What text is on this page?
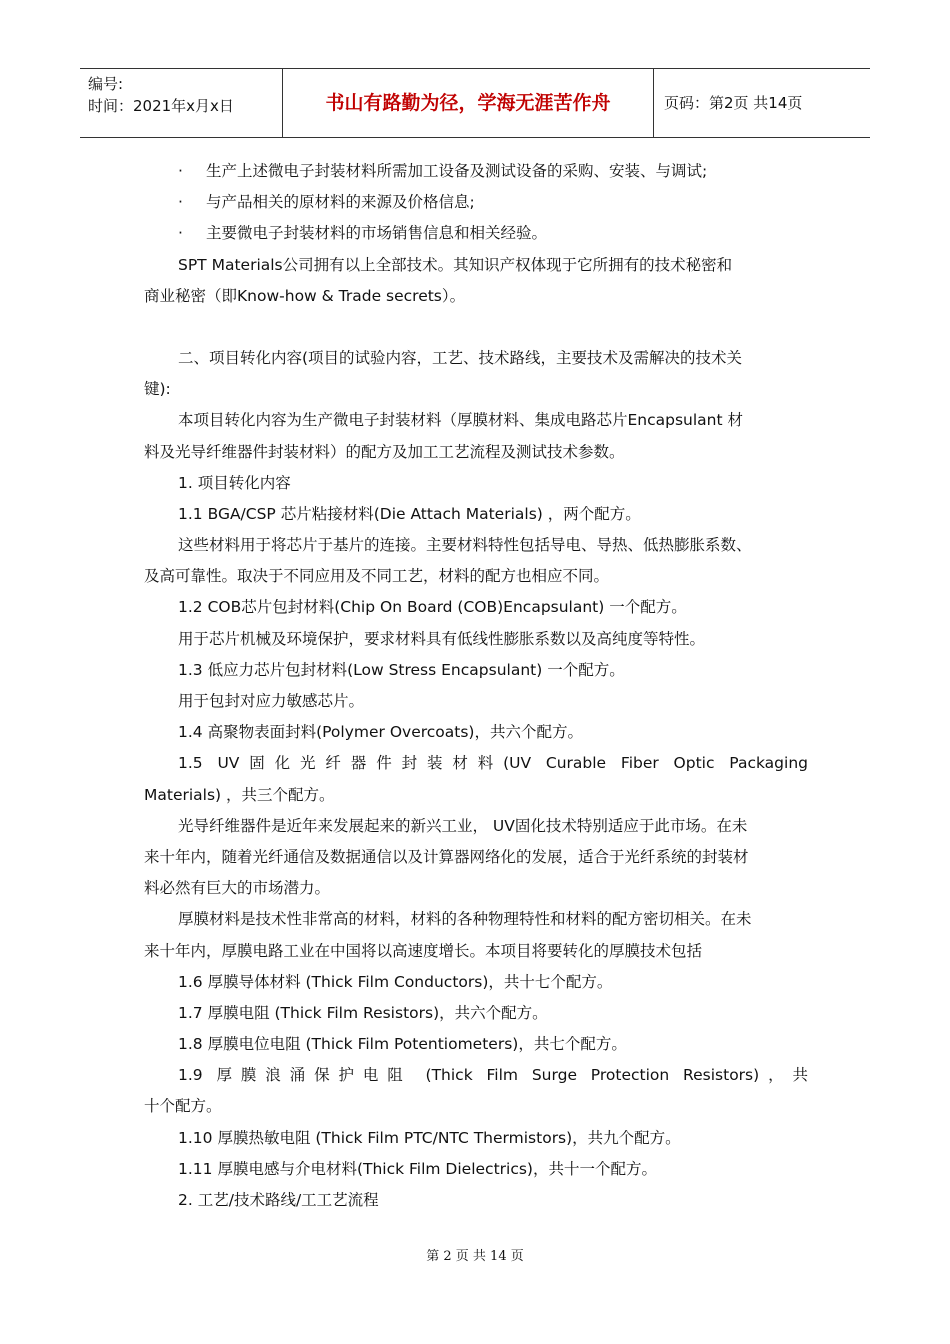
编号:
时间：2021年x月x日	书山有路勤为径，学海无涯苦作舟	页码：第2页 共14页
· 生产上述微电子封装材料所需加工设备及测试设备的采购、安装、与调试;
· 与产品相关的原材料的来源及价格信息;
· 主要微电子封装材料的市场销售信息和相关经验。
SPT Materials公司拥有以上全部技术。其知识产权体现于它所拥有的技术秘密和
商业秘密（即Know-how & Trade secrets）。
二、项目转化内容(项目的试验内容，工艺、技术路线，主要技术及需解决的技术关
键):
本项目转化内容为生产微电子封装材料（厚膜材料、集成电路芯片Encapsulant 材
料及光导纤维器件封装材料）的配方及加工工艺流程及测试技术参数。
1. 项目转化内容
1.1 BGA/CSP 芯片粘接材料(Die Attach Materials) ，两个配方。
这些材料用于将芯片于基片的连接。主要材料特性包括导电、导热、低热膨胀系数、
及高可靠性。取决于不同应用及不同工艺，材料的配方也相应不同。
1.2 COB芯片包封材料(Chip On Board (COB)Encapsulant) 一个配方。
用于芯片机械及环境保护，要求材料具有低线性膨胀系数以及高纯度等特性。
1.3 低应力芯片包封材料(Low Stress Encapsulant) 一个配方。
用于包封对应力敏感芯片。
1.4 高聚物表面封料(Polymer Overcoats)，共六个配方。
1.5 UV固化光纤器件封装材料(UV Curable Fiber Optic Packaging
Materials) ，共三个配方。
光导纤维器件是近年来发展起来的新兴工业， UV固化技术特别适应于此市场。在未
来十年内，随着光纤通信及数据通信以及计算器网络化的发展，适合于光纤系统的封装材
料必然有巨大的市场潜力。
厚膜材料是技术性非常高的材料，材料的各种物理特性和材料的配方密切相关。在未
来十年内，厚膜电路工业在中国将以高速度增长。本项目将要转化的厚膜技术包括
1.6 厚膜导体材料 (Thick Film Conductors)，共十七个配方。
1.7 厚膜电阻 (Thick Film Resistors)，共六个配方。
1.8 厚膜电位电阻 (Thick Film Potentiometers)，共七个配方。
1.9 厚膜浪涌保护电阻 (Thick Film Surge Protection Resistors)，共
十个配方。
1.10 厚膜热敏电阻 (Thick Film PTC/NTC Thermistors)，共九个配方。
1.11 厚膜电感与介电材料(Thick Film Dielectrics)，共十一个配方。
2. 工艺/技术路线/工工艺流程
第 2 页 共 14 页
